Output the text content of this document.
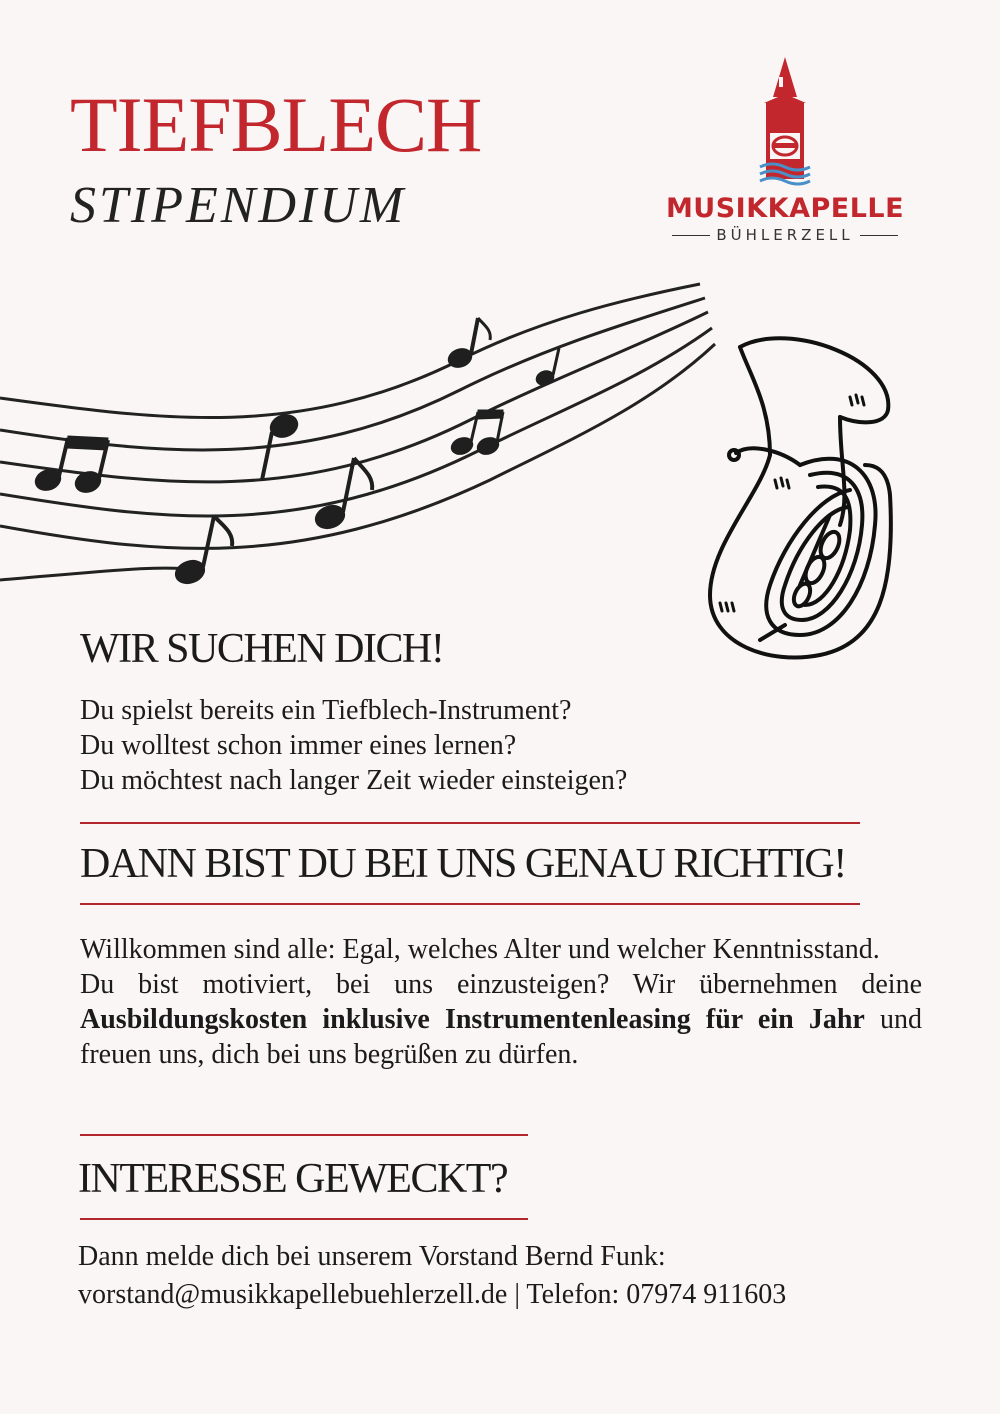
TIEFBLECH

STIPENDIUM	MUSIKKAPELLE
BÜHLERZELL
WIR SUCHEN DICH!
Du spielst bereits ein Tiefblech-Instrument?
Du wolltest schon immer eines lernen?
Du möchtest nach langer Zeit wieder einsteigen?
DANN BIST DU BEI UNS GENAU RICHTIG!
Willkommen sind alle: Egal, welches Alter und welcher Kenntnisstand.
Du bist motiviert, bei uns einzusteigen? Wir übernehmen deine Ausbildungskosten inklusive Instrumentenleasing für ein Jahr und freuen uns, dich bei uns begrüßen zu dürfen.
INTERESSE GEWECKT?
Dann melde dich bei unserem Vorstand Bernd Funk:
vorstand@musikkapellebuehlerzell.de | Telefon: 07974 911603
